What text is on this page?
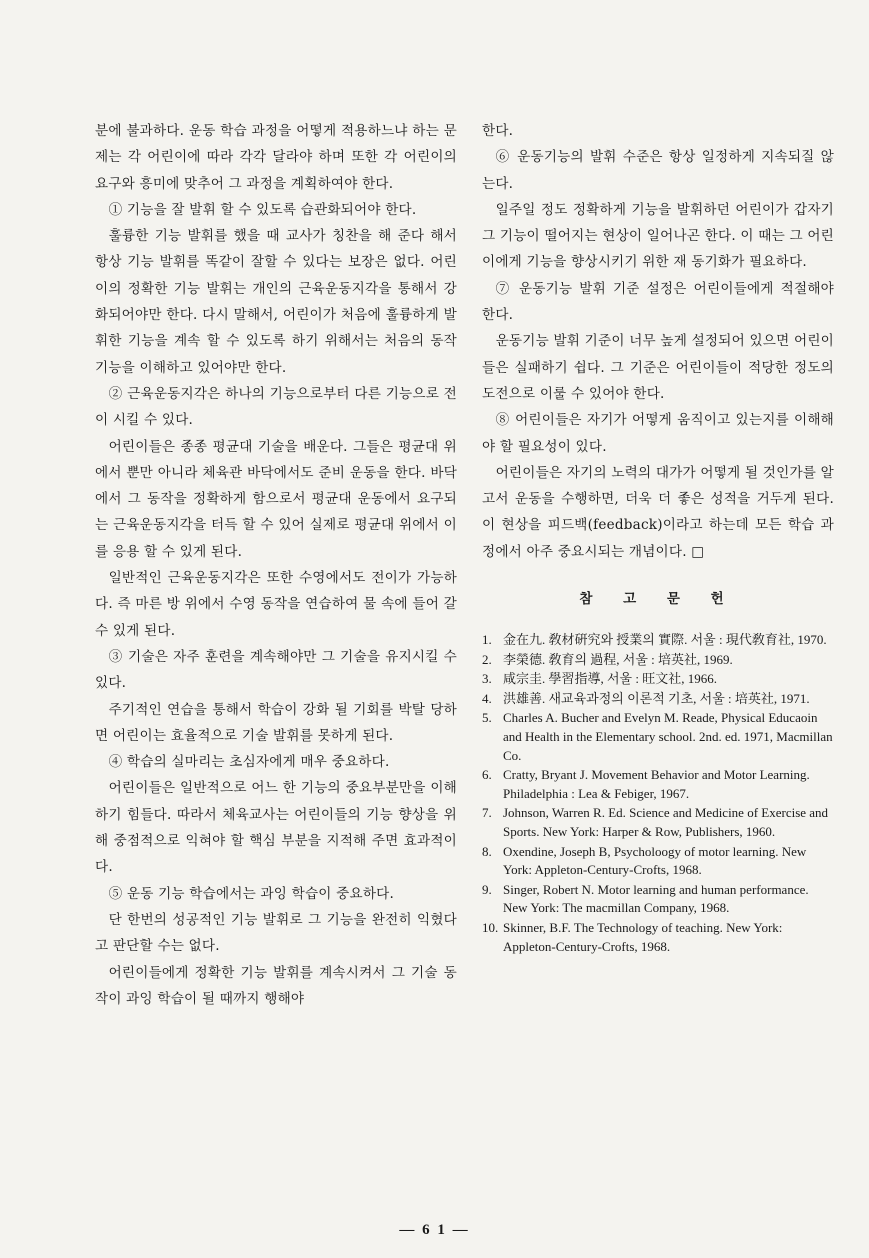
분에 불과하다. 운동 학습 과정을 어떻게 적용하느냐 하는 문제는 각 어린이에 따라 각각 달라야 하며 또한 각 어린이의 요구와 흥미에 맞추어 그 과정을 계획하여야 한다.

① 기능을 잘 발휘 할 수 있도록 습관화되어야 한다.

훌륭한 기능 발휘를 했을 때 교사가 칭찬을 해 준다 해서 항상 기능 발휘를 똑같이 잘할 수 있다는 보장은 없다. 어린이의 정확한 기능 발휘는 개인의 근육운동지각을 통해서 강화되어야만 한다. 다시 말해서, 어린이가 처음에 훌륭하게 발휘한 기능을 계속 할 수 있도록 하기 위해서는 처음의 동작 기능을 이해하고 있어야만 한다.

② 근육운동지각은 하나의 기능으로부터 다른 기능으로 전이 시킬 수 있다.

어린이들은 종종 평균대 기술을 배운다. 그들은 평균대 위에서 뿐만 아니라 체육관 바닥에서도 준비 운동을 한다. 바닥에서 그 동작을 정확하게 함으로서 평균대 운동에서 요구되는 근육운동지각을 터득 할 수 있어 실제로 평균대 위에서 이를 응용 할 수 있게 된다.

일반적인 근육운동지각은 또한 수영에서도 전이가 가능하다. 즉 마른 방 위에서 수영 동작을 연습하여 물 속에 들어 갈 수 있게 된다.

③ 기술은 자주 훈련을 계속해야만 그 기술을 유지시킬 수 있다.

주기적인 연습을 통해서 학습이 강화 될 기회를 박탈 당하면 어린이는 효율적으로 기술 발휘를 못하게 된다.

④ 학습의 실마리는 초심자에게 매우 중요하다.

어린이들은 일반적으로 어느 한 기능의 중요부분만을 이해하기 힘들다. 따라서 체육교사는 어린이들의 기능 향상을 위해 중점적으로 익혀야 할 핵심 부분을 지적해 주면 효과적이다.

⑤ 운동 기능 학습에서는 과잉 학습이 중요하다.

단 한번의 성공적인 기능 발휘로 그 기능을 완전히 익혔다고 판단할 수는 없다.

어린이들에게 정확한 기능 발휘를 계속시켜서 그 기술 동작이 과잉 학습이 될 때까지 행해야

한다.

⑥ 운동기능의 발휘 수준은 항상 일정하게 지속되질 않는다.

일주일 정도 정확하게 기능을 발휘하던 어린이가 갑자기 그 기능이 떨어지는 현상이 일어나곤 한다. 이 때는 그 어린이에게 기능을 향상시키기 위한 재 동기화가 필요하다.

⑦ 운동기능 발휘 기준 설정은 어린이들에게 적절해야 한다.

운동기능 발휘 기준이 너무 높게 설정되어 있으면 어린이들은 실패하기 쉽다. 그 기준은 어린이들이 적당한 정도의 도전으로 이룰 수 있어야 한다.

⑧ 어린이들은 자기가 어떻게 움직이고 있는지를 이해해야 할 필요성이 있다.

어린이들은 자기의 노력의 대가가 어떻게 될 것인가를 알고서 운동을 수행하면, 더욱 더 좋은 성적을 거두게 된다. 이 현상을 피드백(feedback)이라고 하는데 모든 학습 과정에서 아주 중요시되는 개념이다. □

참 고 문 헌
1. 金在九. 敎材硏究와 授業의 實際. 서울 : 現代敎育社, 1970.
2. 李榮德. 敎育의 過程, 서울 : 培英社, 1969.
3. 咸宗圭. 學習指導, 서울 : 旺文社, 1966.
4. 洪雄善. 새교육과정의 이론적 기초, 서울 : 培英社, 1971.
5. Charles A. Bucher and Evelyn M. Reade, Physical Educaoin and Health in the Elementary school. 2nd. ed. 1971, Macmillan Co.
6. Cratty, Bryant J. Movement Behavior and Motor Learning. Philadelphia : Lea & Febiger, 1967.
7. Johnson, Warren R. Ed. Science and Medicine of Exercise and Sports. New York: Harper & Row, Publishers, 1960.
8. Oxendine, Joseph B, Psycholoogy of motor learning. New York: Appleton-Century-Crofts, 1968.
9. Singer, Robert N. Motor learning and human performance. New York: The macmillan Company, 1968.
10. Skinner, B.F. The Technology of teaching. New York: Appleton-Century-Crofts, 1968.
— 6 1 —
